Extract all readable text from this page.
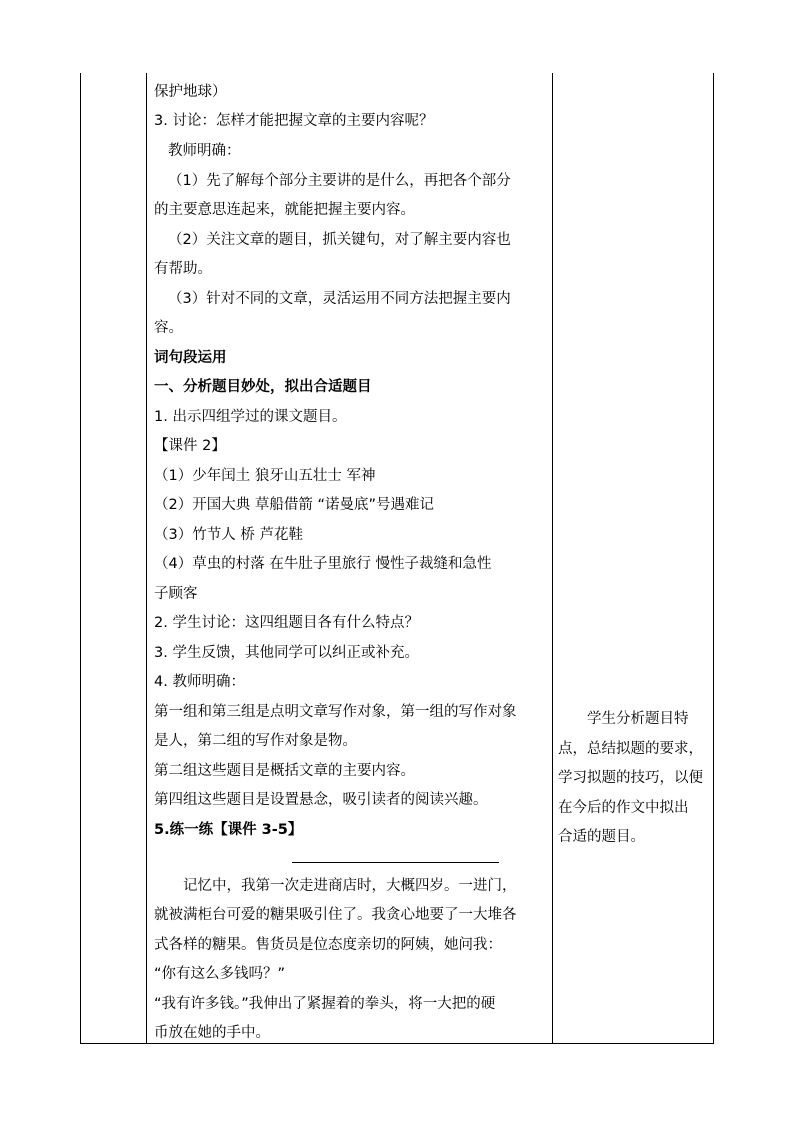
保护地球）
3. 讨论：怎样才能把握文章的主要内容呢？
教师明确：
（1）先了解每个部分主要讲的是什么，再把各个部分
的主要意思连起来，就能把握主要内容。
（2）关注文章的题目，抓关键句，对了解主要内容也
有帮助。
（3）针对不同的文章，灵活运用不同方法把握主要内
容。
词句段运用
一、分析题目妙处，拟出合适题目
1. 出示四组学过的课文题目。
【课件 2】
（1）少年闰土 狼牙山五壮士 军神
（2）开国大典 草船借箭 “诺曼底”号遇难记
（3）竹节人 桥 芦花鞋
（4）草虫的村落 在牛肚子里旅行 慢性子裁缝和急性
子顾客
2. 学生讨论：这四组题目各有什么特点？
3. 学生反馈，其他同学可以纠正或补充。
4. 教师明确：
第一组和第三组是点明文章写作对象，第一组的写作对象
是人，第二组的写作对象是物。
第二组这些题目是概括文章的主要内容。
第四组这些题目是设置悬念，吸引读者的阅读兴趣。
5.练一练【课件 3-5】
记忆中，我第一次走进商店时，大概四岁。一进门，
就被满柜台可爱的糖果吸引住了。我贪心地要了一大堆各
式各样的糖果。售货员是位态度亲切的阿姨，她问我：
“你有这么多钱吗？”
“我有许多钱。”我伸出了紧握着的拳头，将一大把的硬
币放在她的手中。
学生分析题目特
点，总结拟题的要求，
学习拟题的技巧，以便
在今后的作文中拟出
合适的题目。
